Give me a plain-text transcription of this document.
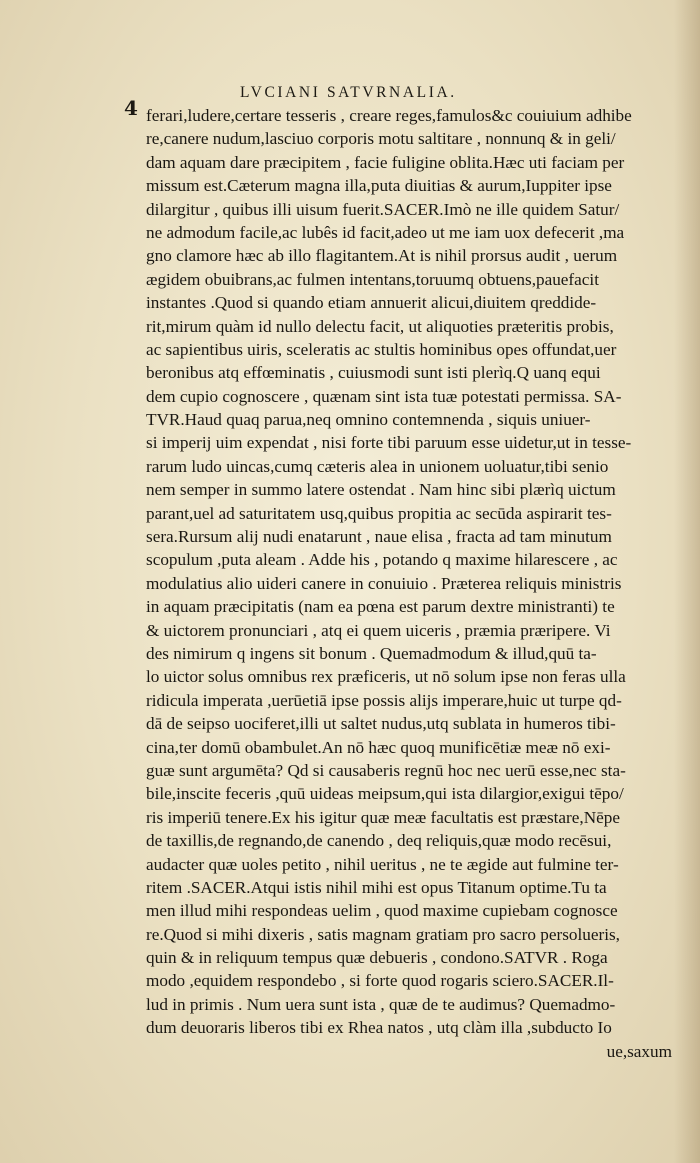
4
LVCIANI SATVRNALIA.
ferari,ludere,certare tesseris , creare reges,famulos&c couiuium adhibe
re,canere nudum,lasciuo corporis motu saltitare , nonnunq & in geli/
dam aquam dare præcipitem , facie fuligine oblita.Hæc uti faciam per
missum est.Cæterum magna illa,puta diuitias & aurum,Iuppiter ipse
dilargitur , quibus illi uisum fuerit.SACER.Imò ne ille quidem Satur/
ne admodum facile,ac lubês id facit,adeo ut me iam uox defecerit ,ma
gno clamore hæc ab illo flagitantem.At is nihil prorsus audit , uerum
ægidem obuibrans,ac fulmen intentans,toruumq obtuens,pauefacit
instantes .Quod si quando etiam annuerit alicui,diuitem qreddide-
rit,mirum quàm id nullo delectu facit, ut aliquoties præteritis probis,
ac sapientibus uiris, sceleratis ac stultis hominibus opes offundat,uer
beronibus atq effœminatis , cuiusmodi sunt isti plerìq.Q uanq equi
dem cupio cognoscere , quænam sint ista tuæ potestati permissa. SA-
TVR.Haud quaq parua,neq omnino contemnenda , siquis uniuer-
si imperij uim expendat , nisi forte tibi paruum esse uidetur,ut in tesse-
rarum ludo uincas,cumq cæteris alea in unionem uoluatur,tibi senio
nem semper in summo latere ostendat . Nam hinc sibi plærìq uictum
parant,uel ad saturitatem usq,quibus propitia ac secūda aspirarit tes-
sera.Rursum alij nudi enatarunt , naue elisa , fracta ad tam minutum
scopulum ,puta aleam . Adde his , potando q maxime hilarescere , ac
modulatius alio uideri canere in conuiuio . Præterea reliquis ministris
in aquam præcipitatis (nam ea pœna est parum dextre ministranti) te
& uictorem pronunciari , atq ei quem uiceris , præmia præripere. Vi
des nimirum q ingens sit bonum . Quemadmodum & illud,quū ta-
lo uictor solus omnibus rex præficeris, ut nō solum ipse non feras ulla
ridicula imperata ,uerūetiā ipse possis alijs imperare,huic ut turpe qd-
dā de seipso uociferet,illi ut saltet nudus,utq sublata in humeros tibi-
cina,ter domū obambulet.An nō hæc quoq munificētiæ meæ nō exi-
guæ sunt argumēta? Qd si causaberis regnū hoc nec uerū esse,nec sta-
bile,inscite feceris ,quū uideas meipsum,qui ista dilargior,exigui tēpo/
ris imperiū tenere.Ex his igitur quæ meæ facultatis est præstare,Nēpe
de taxillis,de regnando,de canendo , deq reliquis,quæ modo recēsui,
audacter quæ uoles petito , nihil ueritus , ne te ægide aut fulmine ter-
ritem .SACER.Atqui istis nihil mihi est opus Titanum optime.Tu ta
men illud mihi respondeas uelim , quod maxime cupiebam cognosce
re.Quod si mihi dixeris , satis magnam gratiam pro sacro persolueris,
quin & in reliquum tempus quæ debueris , condono.SATVR . Roga
modo ,equidem respondebo , si forte quod rogaris sciero.SACER.Il-
lud in primis . Num uera sunt ista , quæ de te audimus? Quemadmo-
dum deuoraris liberos tibi ex Rhea natos , utq clàm illa ,subducto Io
ue,saxum
